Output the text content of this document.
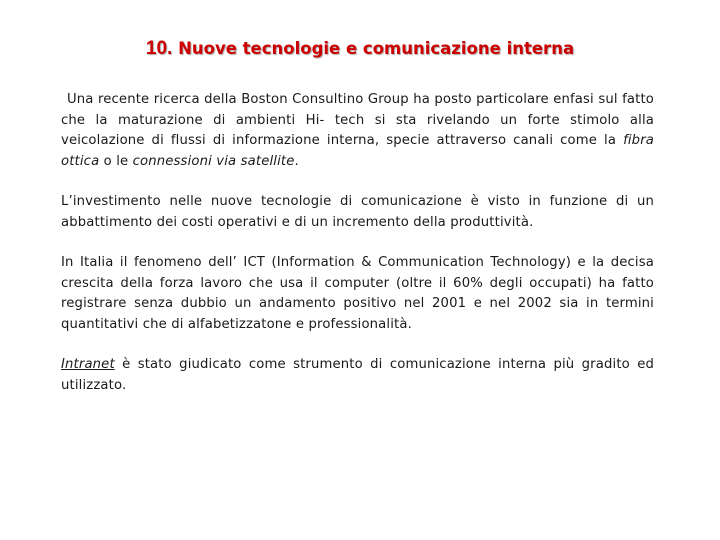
10. Nuove tecnologie e comunicazione interna

Una recente ricerca della Boston Consultino Group ha posto particolare enfasi sul fatto che la maturazione di ambienti Hi- tech si sta rivelando un forte stimolo alla veicolazione di flussi di informazione interna, specie attraverso canali come la fibra ottica o le connessioni via satellite.

L’investimento nelle nuove tecnologie di comunicazione è visto in funzione di un abbattimento dei costi operativi e di un incremento della produttività.

In Italia il fenomeno dell’ ICT (Information & Communication Technology) e la decisa crescita della forza lavoro che usa il computer (oltre il 60% degli occupati) ha fatto registrare senza dubbio un andamento positivo nel 2001 e nel 2002 sia in termini quantitativi che di alfabetizzatone e professionalità.

Intranet è stato giudicato come strumento di comunicazione interna più gradito ed utilizzato.
